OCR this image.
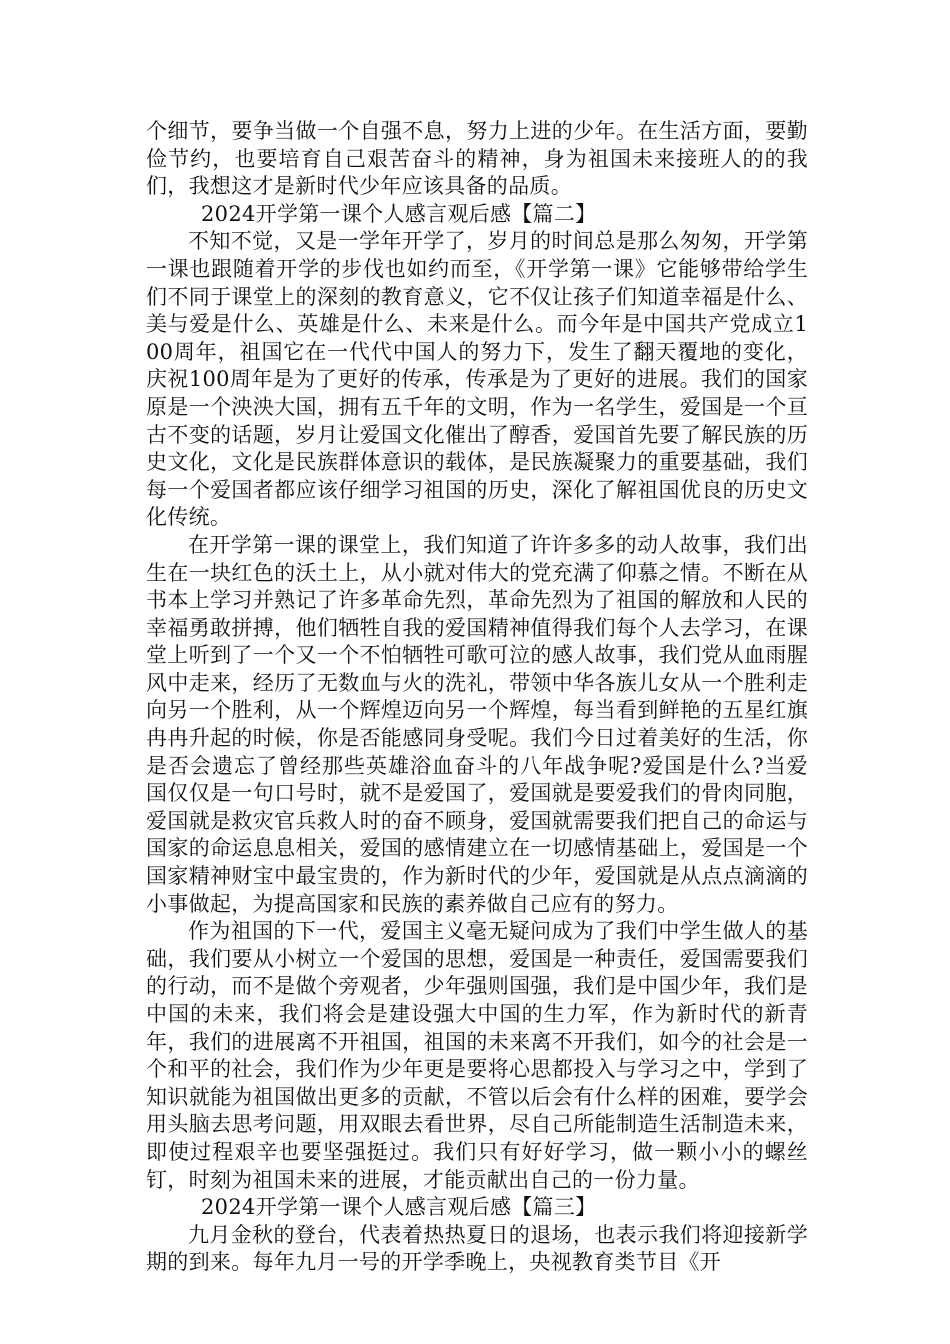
个细节，要争当做一个自强不息，努力上进的少年。在生活方面，要勤俭节约，也要培育自己艰苦奋斗的精神，身为祖国未来接班人的的我们，我想这才是新时代少年应该具备的品质。

2024开学第一课个人感言观后感【篇二】

不知不觉，又是一学年开学了，岁月的时间总是那么匆匆，开学第一课也跟随着开学的步伐也如约而至，《开学第一课》它能够带给学生们不同于课堂上的深刻的教育意义，它不仅让孩子们知道幸福是什么、美与爱是什么、英雄是什么、未来是什么。而今年是中国共产党成立100周年，祖国它在一代代中国人的努力下，发生了翻天覆地的变化，庆祝100周年是为了更好的传承，传承是为了更好的进展。我们的国家原是一个泱泱大国，拥有五千年的文明，作为一名学生，爱国是一个亘古不变的话题，岁月让爱国文化催出了醇香，爱国首先要了解民族的历史文化，文化是民族群体意识的载体，是民族凝聚力的重要基础，我们每一个爱国者都应该仔细学习祖国的历史，深化了解祖国优良的历史文化传统。

在开学第一课的课堂上，我们知道了许许多多的动人故事，我们出生在一块红色的沃土上，从小就对伟大的党充满了仰慕之情。不断在从书本上学习并熟记了许多革命先烈，革命先烈为了祖国的解放和人民的幸福勇敢拼搏，他们牺牲自我的爱国精神值得我们每个人去学习，在课堂上听到了一个又一个不怕牺牲可歌可泣的感人故事，我们党从血雨腥风中走来，经历了无数血与火的洗礼，带领中华各族儿女从一个胜利走向另一个胜利，从一个辉煌迈向另一个辉煌，每当看到鲜艳的五星红旗冉冉升起的时候，你是否能感同身受呢。我们今日过着美好的生活，你是否会遗忘了曾经那些英雄浴血奋斗的八年战争呢?爱国是什么?当爱国仅仅是一句口号时，就不是爱国了，爱国就是要爱我们的骨肉同胞，爱国就是救灾官兵救人时的奋不顾身，爱国就需要我们把自己的命运与国家的命运息息相关，爱国的感情建立在一切感情基础上，爱国是一个国家精神财宝中最宝贵的，作为新时代的少年，爱国就是从点点滴滴的小事做起，为提高国家和民族的素养做自己应有的努力。

作为祖国的下一代，爱国主义毫无疑问成为了我们中学生做人的基础，我们要从小树立一个爱国的思想，爱国是一种责任，爱国需要我们的行动，而不是做个旁观者，少年强则国强，我们是中国少年，我们是中国的未来，我们将会是建设强大中国的生力军，作为新时代的新青年，我们的进展离不开祖国，祖国的未来离不开我们，如今的社会是一个和平的社会，我们作为少年更是要将心思都投入与学习之中，学到了知识就能为祖国做出更多的贡献，不管以后会有什么样的困难，要学会用头脑去思考问题，用双眼去看世界，尽自己所能制造生活制造未来，即使过程艰辛也要坚强挺过。我们只有好好学习，做一颗小小的螺丝钉，时刻为祖国未来的进展，才能贡献出自己的一份力量。

2024开学第一课个人感言观后感【篇三】

九月金秋的登台，代表着热热夏日的退场，也表示我们将迎接新学期的到来。每年九月一号的开学季晚上，央视教育类节目《开
